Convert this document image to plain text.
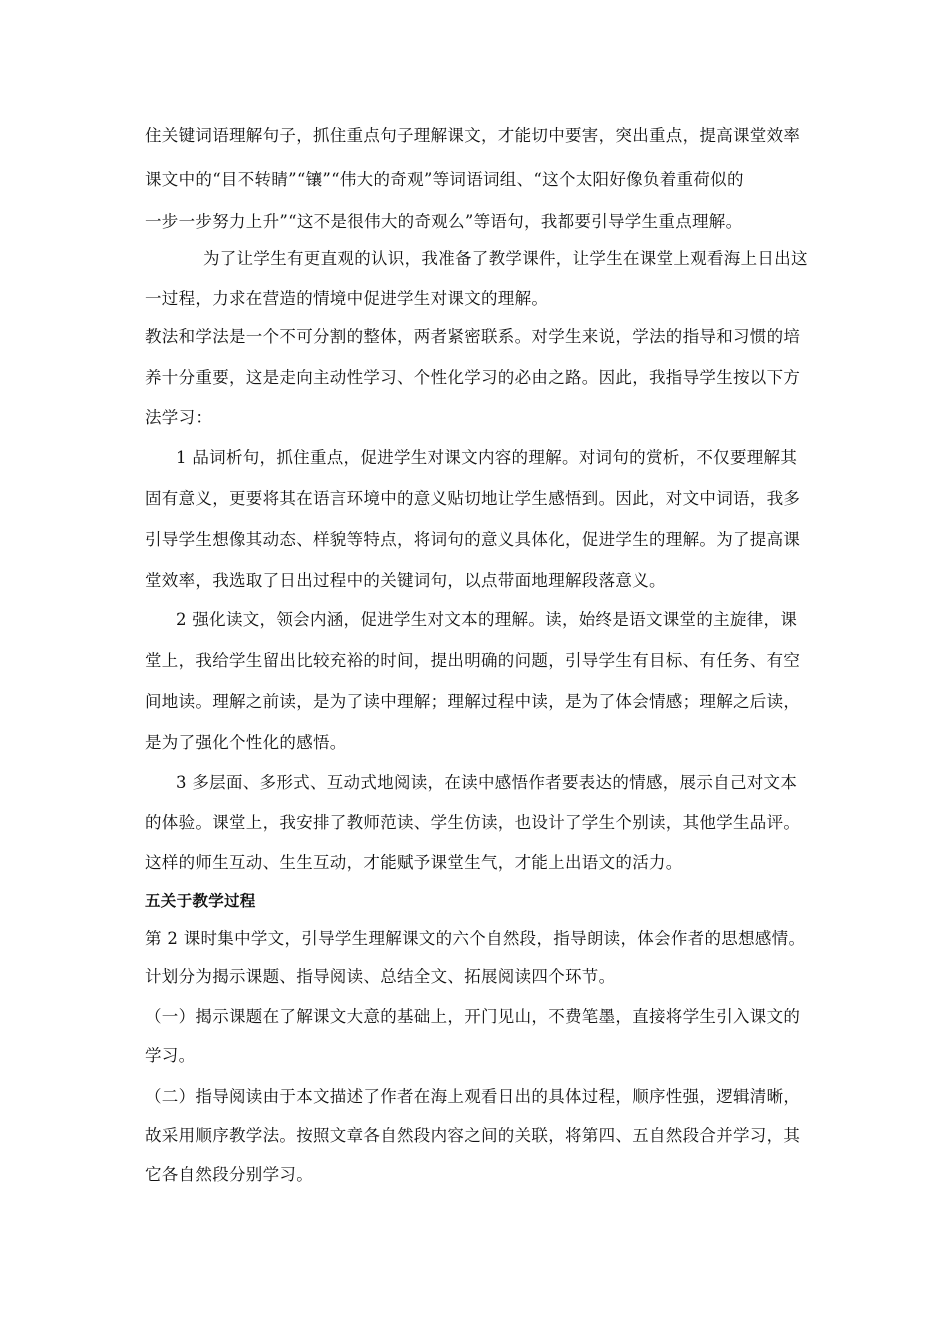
住关键词语理解句子，抓住重点句子理解课文，才能切中要害，突出重点，提高课堂效率
课文中的“目不转睛”“镶”“伟大的奇观”等词语词组、“这个太阳好像负着重荷似的
一步一步努力上升”“这不是很伟大的奇观么”等语句，我都要引导学生重点理解。
为了让学生有更直观的认识，我准备了教学课件，让学生在课堂上观看海上日出这
一过程，力求在营造的情境中促进学生对课文的理解。
教法和学法是一个不可分割的整体，两者紧密联系。对学生来说，学法的指导和习惯的培
养十分重要，这是走向主动性学习、个性化学习的必由之路。因此，我指导学生按以下方
法学习：
1 品词析句，抓住重点，促进学生对课文内容的理解。对词句的赏析，不仅要理解其
固有意义，更要将其在语言环境中的意义贴切地让学生感悟到。因此，对文中词语，我多
引导学生想像其动态、样貌等特点，将词句的意义具体化，促进学生的理解。为了提高课
堂效率，我选取了日出过程中的关键词句，以点带面地理解段落意义。
2 强化读文，领会内涵，促进学生对文本的理解。读，始终是语文课堂的主旋律，课
堂上，我给学生留出比较充裕的时间，提出明确的问题，引导学生有目标、有任务、有空
间地读。理解之前读，是为了读中理解；理解过程中读，是为了体会情感；理解之后读，
是为了强化个性化的感悟。
3 多层面、多形式、互动式地阅读，在读中感悟作者要表达的情感，展示自己对文本
的体验。课堂上，我安排了教师范读、学生仿读，也设计了学生个别读，其他学生品评。
这样的师生互动、生生互动，才能赋予课堂生气，才能上出语文的活力。
五关于教学过程
第 2 课时集中学文，引导学生理解课文的六个自然段，指导朗读，体会作者的思想感情。
计划分为揭示课题、指导阅读、总结全文、拓展阅读四个环节。
（一）揭示课题在了解课文大意的基础上，开门见山，不费笔墨，直接将学生引入课文的
学习。
（二）指导阅读由于本文描述了作者在海上观看日出的具体过程，顺序性强，逻辑清晰，
故采用顺序教学法。按照文章各自然段内容之间的关联，将第四、五自然段合并学习，其
它各自然段分别学习。
